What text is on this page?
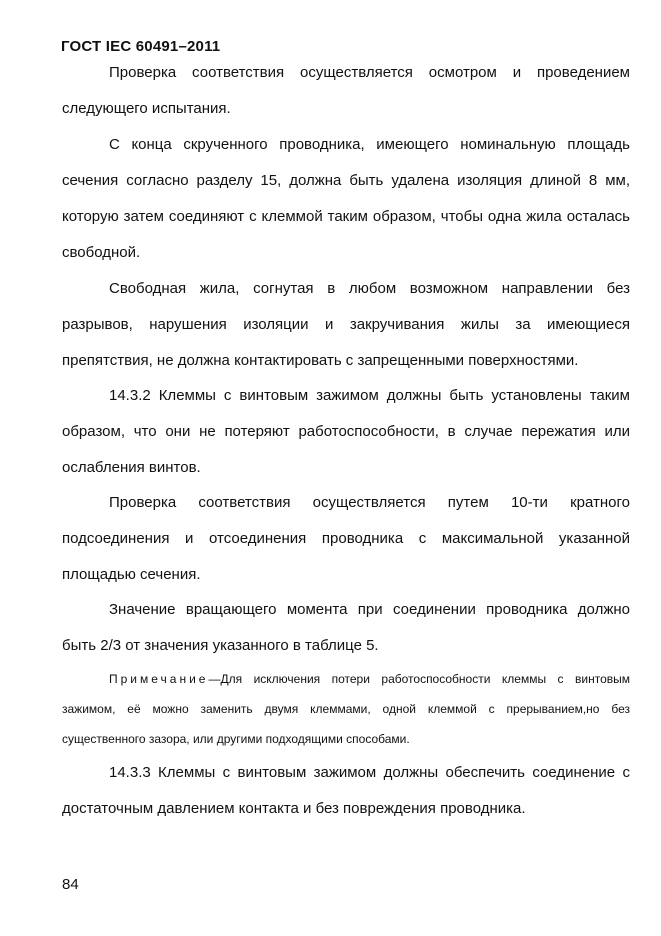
ГОСТ IEC 60491–2011

Проверка соответствия осуществляется осмотром и проведением следующего испытания.

С конца скрученного проводника, имеющего номинальную площадь сечения согласно разделу 15, должна быть удалена изоляция длиной 8 мм, которую затем соединяют с клеммой таким образом, чтобы одна жила осталась свободной.

Свободная жила, согнутая в любом возможном направлении без разрывов, нарушения изоляции и закручивания жилы за имеющиеся препятствия, не должна контактировать с запрещенными поверхностями.

14.3.2 Клеммы с винтовым зажимом должны быть установлены таким образом, что они не потеряют работоспособности, в случае пережатия или ослабления винтов.

Проверка соответствия осуществляется путем 10-ти кратного подсоединения и отсоединения проводника с максимальной указанной площадью сечения.

Значение вращающего момента при соединении проводника должно быть 2/3 от значения указанного в таблице 5.

Примечание—Для исключения потери работоспособности клеммы с винтовым зажимом, её можно заменить двумя клеммами, одной клеммой с прерыванием,но без существенного зазора, или другими подходящими способами.

14.3.3 Клеммы с винтовым зажимом должны обеспечить соединение с достаточным давлением контакта и без повреждения проводника.

84
